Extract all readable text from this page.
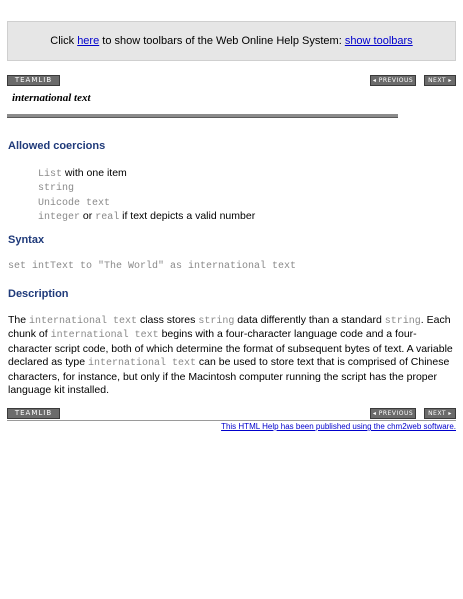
Click here to show toolbars of the Web Online Help System: show toolbars
TEAMLIB	◂ PREVIOUS	NEXT ▸
international text
Allowed coercions
List with one item
string
Unicode text
integer or real if text depicts a valid number
Syntax
set intText to "The World" as international text
Description
The international text class stores string data differently than a standard string. Each chunk of international text begins with a four-character language code and a four-character script code, both of which determine the format of subsequent bytes of text. A variable declared as type international text can be used to store text that is comprised of Chinese characters, for instance, but only if the Macintosh computer running the script has the proper language kit installed.
TEAMLIB	◂ PREVIOUS	NEXT ▸
This HTML Help has been published using the chm2web software.
